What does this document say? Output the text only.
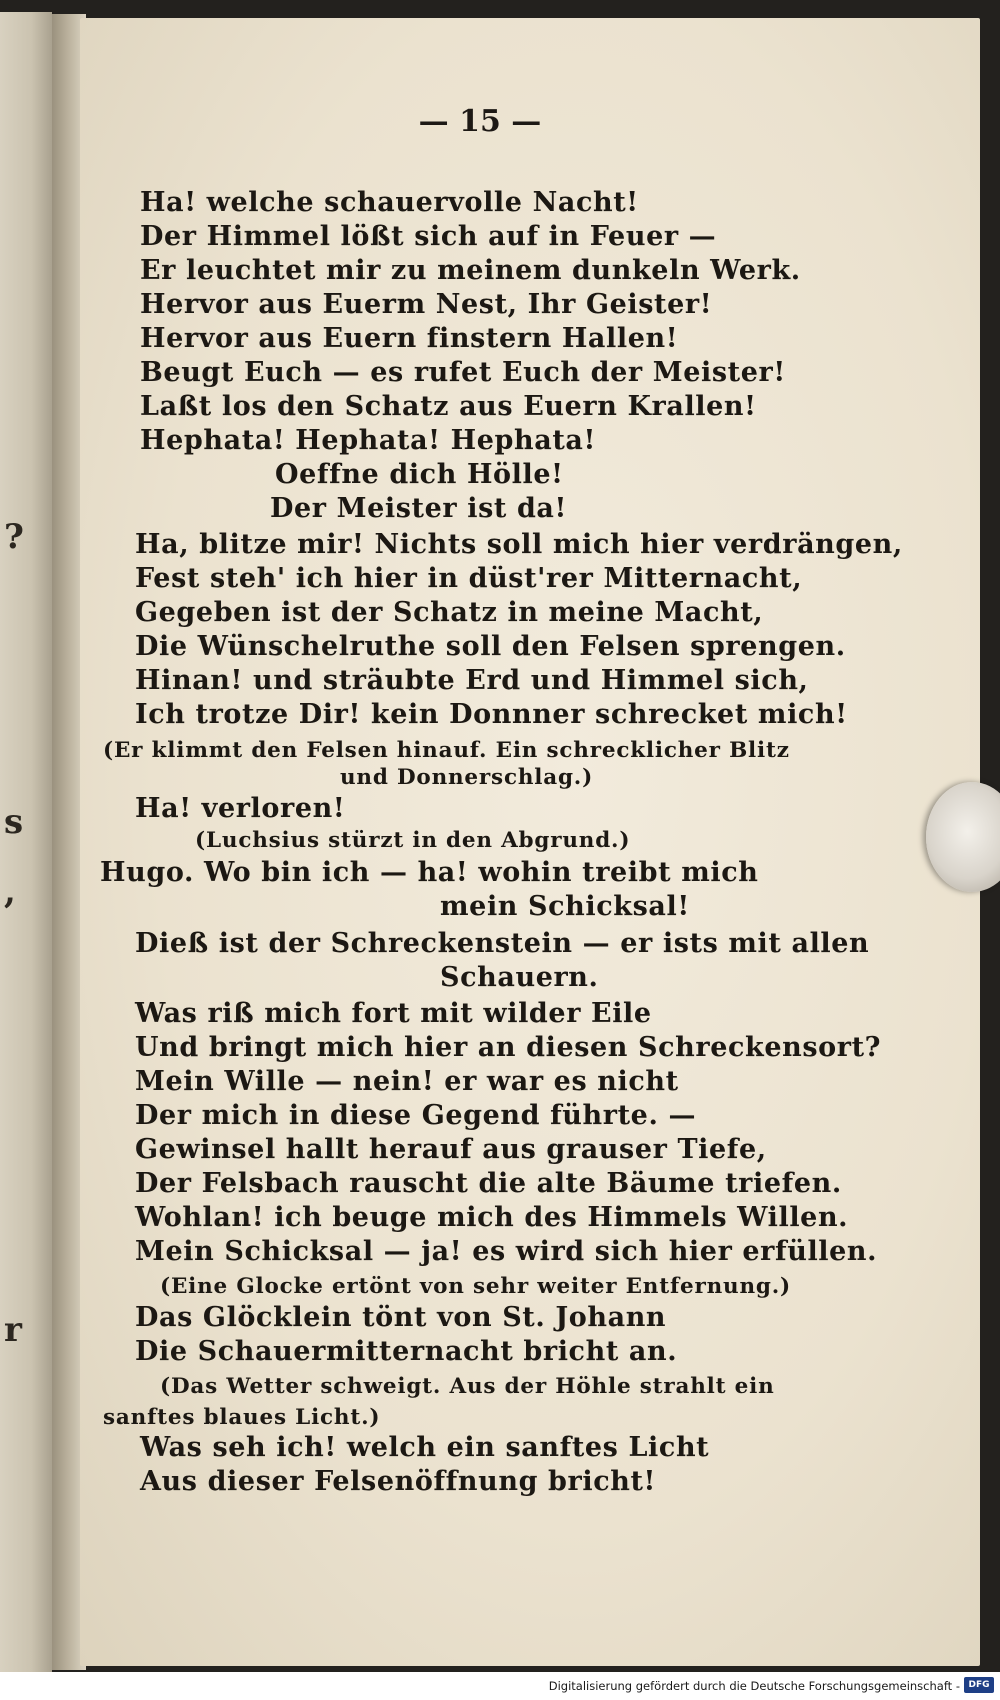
?
s
,
r
— 15 —
Ha! welche schauervolle Nacht!
Der Himmel lößt sich auf in Feuer —
Er leuchtet mir zu meinem dunkeln Werk.
Hervor aus Euerm Nest, Ihr Geister!
Hervor aus Euern finstern Hallen!
Beugt Euch — es rufet Euch der Meister!
Laßt los den Schatz aus Euern Krallen!
Hephata! Hephata! Hephata!
Oeffne dich Hölle!
Der Meister ist da!
Ha, blitze mir! Nichts soll mich hier verdrängen,
Fest steh' ich hier in düst'rer Mitternacht,
Gegeben ist der Schatz in meine Macht,
Die Wünschelruthe soll den Felsen sprengen.
Hinan! und sträubte Erd und Himmel sich,
Ich trotze Dir! kein Donnner schrecket mich!
(Er klimmt den Felsen hinauf. Ein schrecklicher Blitz
und Donnerschlag.)
Ha! verloren!
(Luchsius stürzt in den Abgrund.)
Hugo. Wo bin ich — ha! wohin treibt mich
mein Schicksal!
Dieß ist der Schreckenstein — er ists mit allen
Schauern.
Was riß mich fort mit wilder Eile
Und bringt mich hier an diesen Schreckensort?
Mein Wille — nein! er war es nicht
Der mich in diese Gegend führte. —
Gewinsel hallt herauf aus grauser Tiefe,
Der Felsbach rauscht die alte Bäume triefen.
Wohlan! ich beuge mich des Himmels Willen.
Mein Schicksal — ja! es wird sich hier erfüllen.
(Eine Glocke ertönt von sehr weiter Entfernung.)
Das Glöcklein tönt von St. Johann
Die Schauermitternacht bricht an.
(Das Wetter schweigt. Aus der Höhle strahlt ein
sanftes blaues Licht.)
Was seh ich! welch ein sanftes Licht
Aus dieser Felsenöffnung bricht!
Digitalisierung gefördert durch die Deutsche Forschungsgemeinschaft - DFG
